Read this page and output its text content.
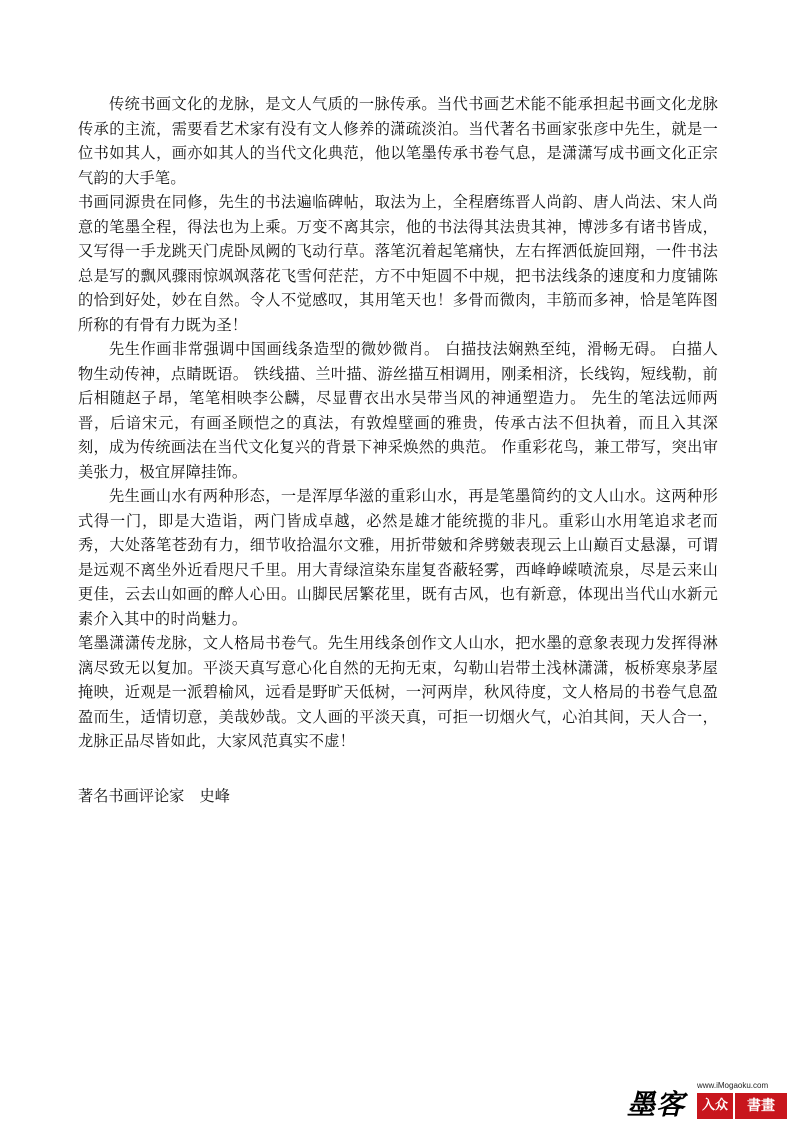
传统书画文化的龙脉，是文人气质的一脉传承。当代书画艺术能不能承担起书画文化龙脉传承的主流，需要看艺术家有没有文人修养的潇疏淡泊。当代著名书画家张彦中先生，就是一位书如其人，画亦如其人的当代文化典范，他以笔墨传承书卷气息，是潇潇写成书画文化正宗气韵的大手笔。

书画同源贵在同修，先生的书法遍临碑帖，取法为上，全程磨练晋人尚韵、唐人尚法、宋人尚意的笔墨全程，得法也为上乘。万变不离其宗，他的书法得其法贵其神，博涉多有诸书皆成，又写得一手龙跳天门虎卧凤阙的飞动行草。落笔沉着起笔痛快，左右挥洒低旋回翔，一件书法总是写的飘风骤雨惊飒飒落花飞雪何茫茫，方不中矩圆不中规，把书法线条的速度和力度铺陈的恰到好处，妙在自然。令人不觉感叹，其用笔天也！多骨而微肉，丰筋而多神，恰是笔阵图所称的有骨有力既为圣！

先生作画非常强调中国画线条造型的微妙微肖。 白描技法娴熟至纯，滑畅无碍。 白描人物生动传神，点睛既语。 铁线描、兰叶描、游丝描互相调用，刚柔相济，长线钩，短线勒，前后相随赵子昂，笔笔相映李公麟，尽显曹衣出水吴带当风的神通塑造力。 先生的笔法远师两晋，后谙宋元，有画圣顾恺之的真法，有敦煌壁画的雅贵，传承古法不但执着，而且入其深刻，成为传统画法在当代文化复兴的背景下神采焕然的典范。 作重彩花鸟，兼工带写，突出审美张力，极宜屏障挂饰。

先生画山水有两种形态，一是浑厚华滋的重彩山水，再是笔墨简约的文人山水。这两种形式得一门，即是大造诣，两门皆成卓越，必然是雄才能统揽的非凡。重彩山水用笔追求老而秀，大处落笔苍劲有力，细节收拾温尔文雅，用折带皴和斧劈皴表现云上山巅百丈悬瀑，可谓是远观不离坐外近看咫尺千里。用大青绿渲染东崖复沓蔽轻雾，西峰峥嵘喷流泉，尽是云来山更佳，云去山如画的醉人心田。山脚民居繁花里，既有古风，也有新意，体现出当代山水新元素介入其中的时尚魅力。

笔墨潇潇传龙脉，文人格局书卷气。先生用线条创作文人山水，把水墨的意象表现力发挥得淋漓尽致无以复加。平淡天真写意心化自然的无拘无束，勾勒山岩带土浅林潇潇，板桥寒泉茅屋掩映，近观是一派碧榆风，远看是野旷天低树，一河两岸，秋风待度，文人格局的书卷气息盈盈而生，适情切意，美哉妙哉。文人画的平淡天真，可拒一切烟火气，心泊其间，天人合一，龙脉正品尽皆如此，大家风范真实不虚！

著名书画评论家　史峰

墨客
www.iMogaoku.com
入众	書畫
